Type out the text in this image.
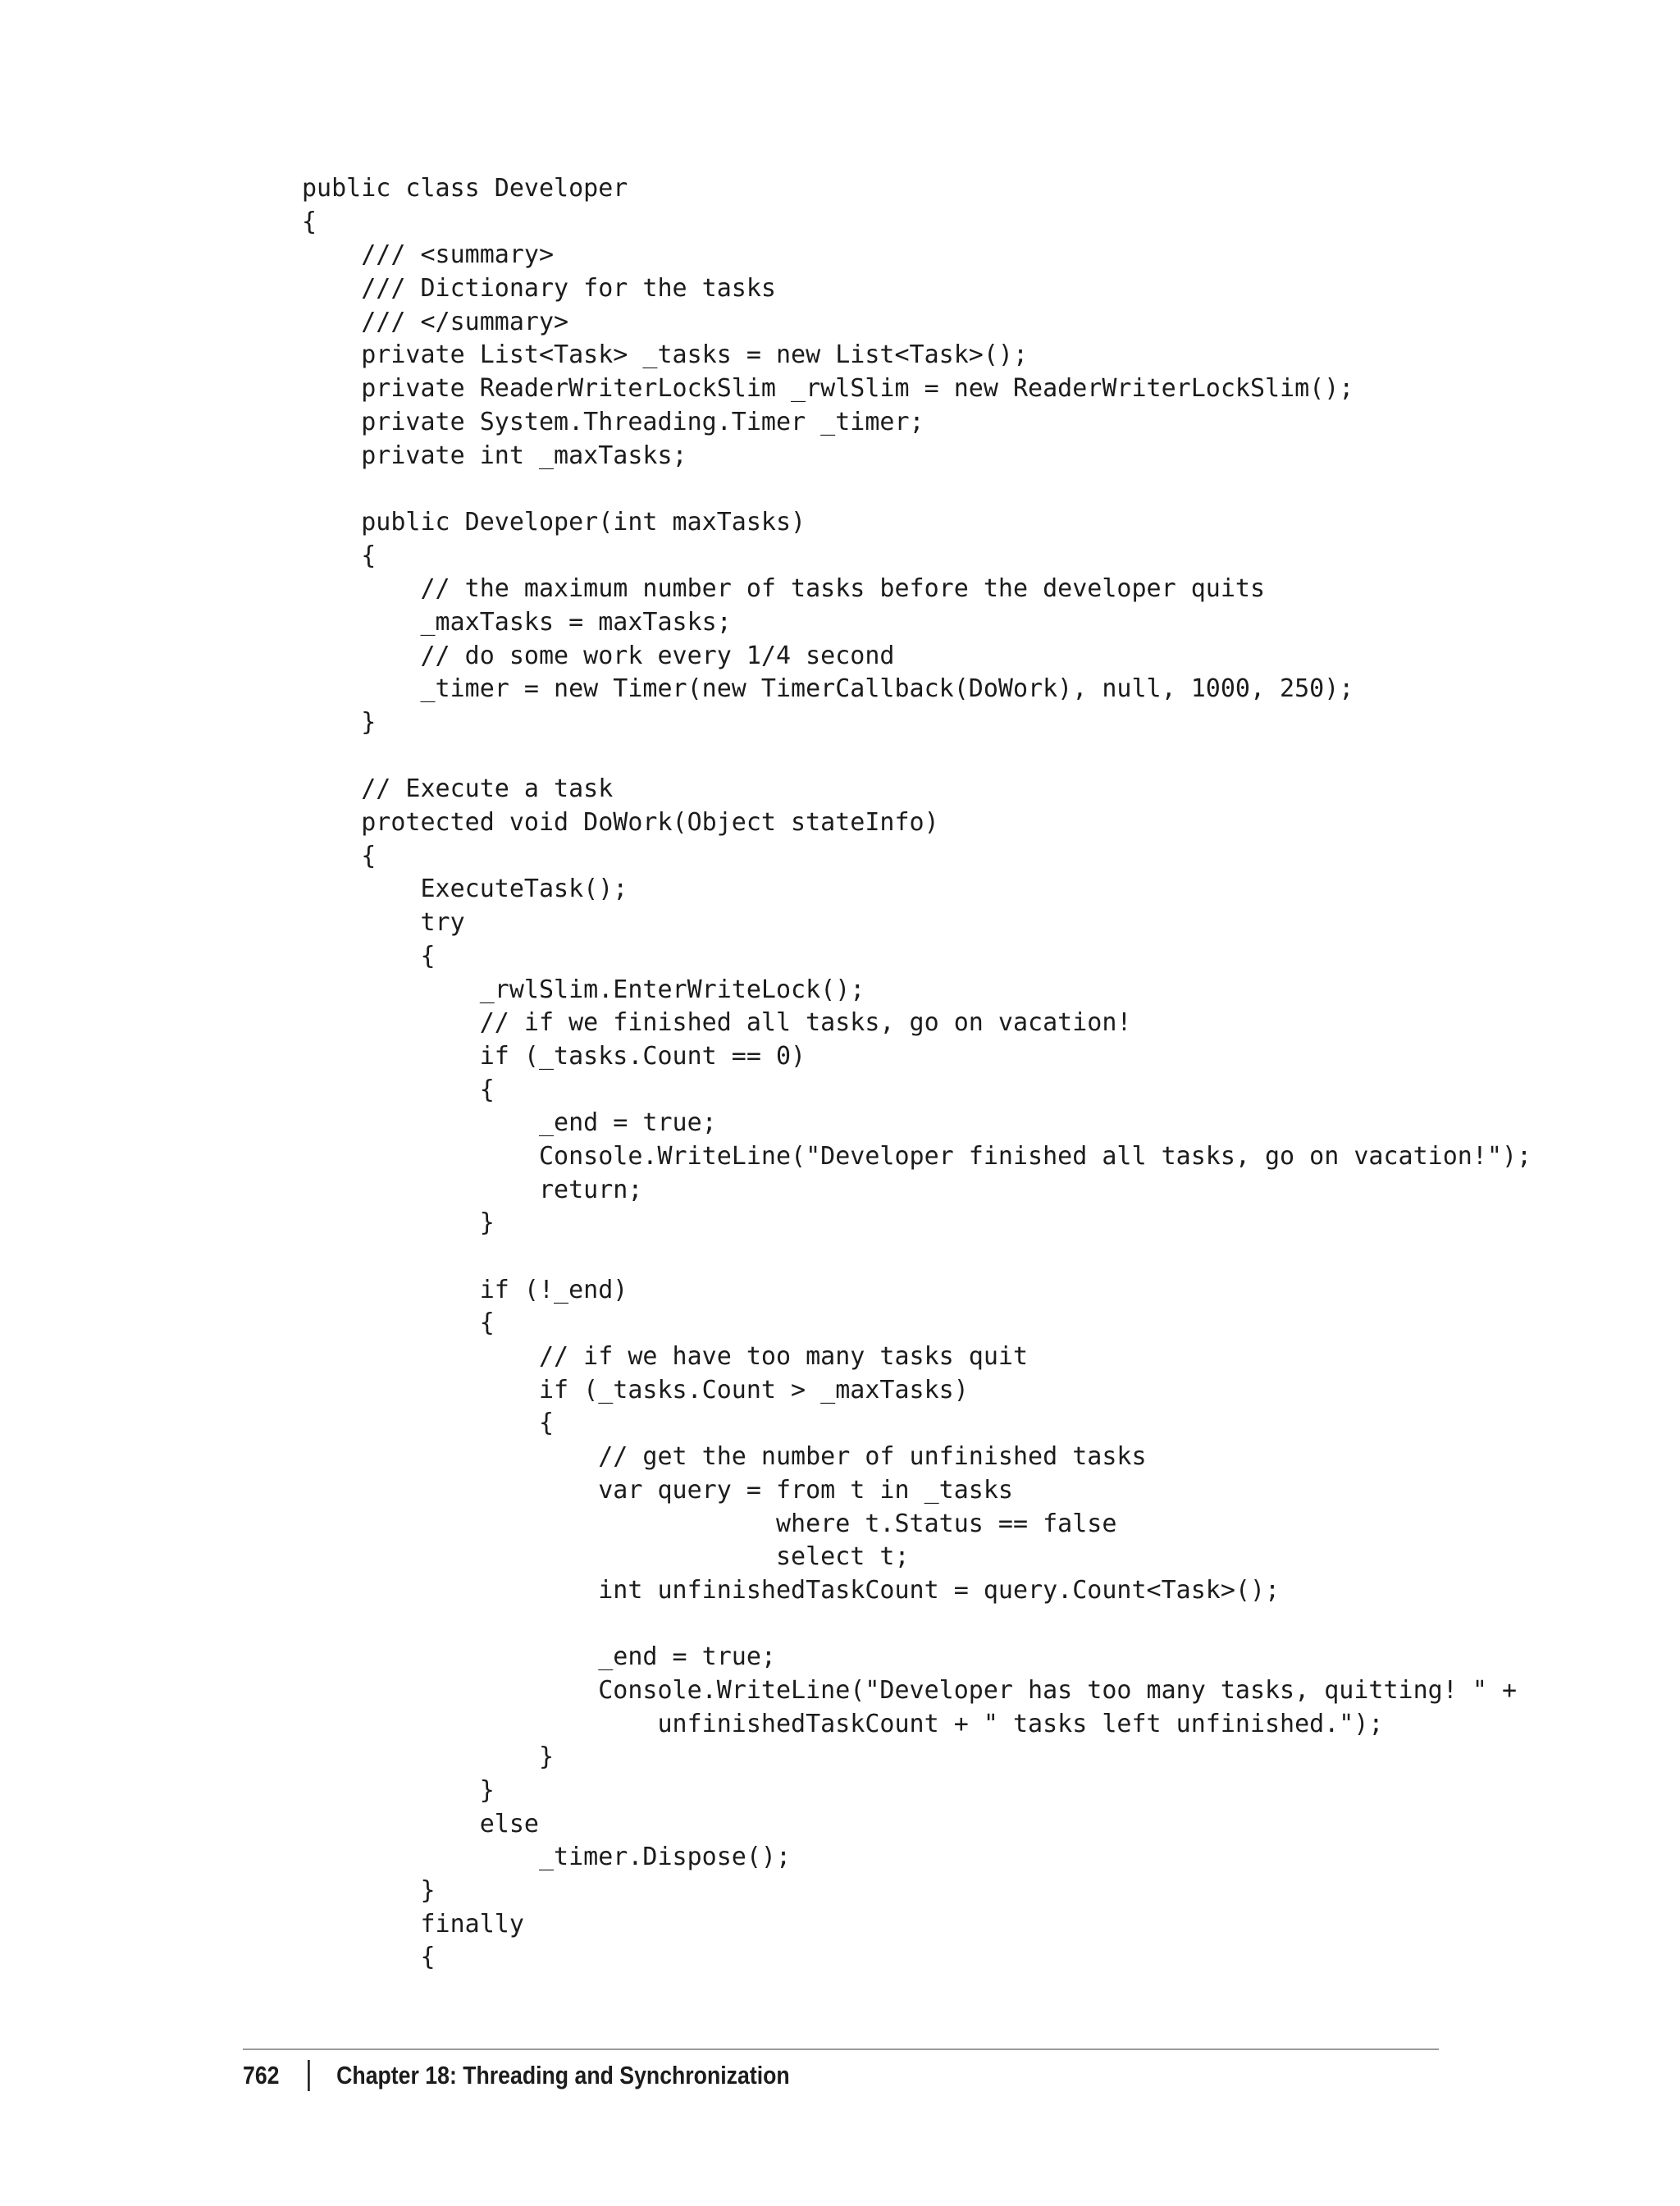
public class Developer
{
/// <summary>
/// Dictionary for the tasks
/// </summary>
private List<Task> _tasks = new List<Task>();
private ReaderWriterLockSlim _rwlSlim = new ReaderWriterLockSlim();
private System.Threading.Timer _timer;
private int _maxTasks;
public Developer(int maxTasks)
{
// the maximum number of tasks before the developer quits
_maxTasks = maxTasks;
// do some work every 1/4 second
_timer = new Timer(new TimerCallback(DoWork), null, 1000, 250);
}
// Execute a task
protected void DoWork(Object stateInfo)
{
ExecuteTask();
try
{
_rwlSlim.EnterWriteLock();
// if we finished all tasks, go on vacation!
if (_tasks.Count == 0)
{
_end = true;
Console.WriteLine("Developer finished all tasks, go on vacation!");
return;
}
if (!_end)
{
// if we have too many tasks quit
if (_tasks.Count > _maxTasks)
{
// get the number of unfinished tasks
var query = from t in _tasks
where t.Status == false
select t;
int unfinishedTaskCount = query.Count<Task>();
_end = true;
Console.WriteLine("Developer has too many tasks, quitting! " +
unfinishedTaskCount + " tasks left unfinished.");
}
}
else
_timer.Dispose();
}
finally
{
762 Chapter 18: Threading and Synchronization
